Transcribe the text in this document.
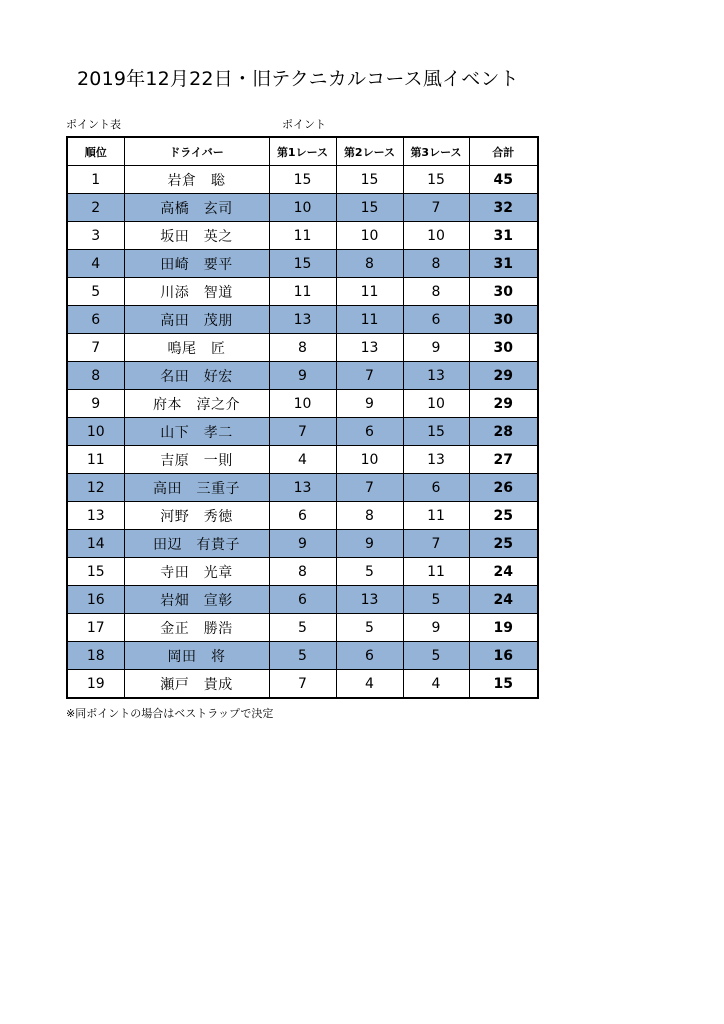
2019年12月22日・旧テクニカルコース風イベント
ポイント表	ポイント
順位	ドライバー	第1レース	第2レース	第3レース	合計
1	岩倉　聡	15	15	15	45
2	高橋　玄司	10	15	7	32
3	坂田　英之	11	10	10	31
4	田崎　要平	15	8	8	31
5	川添　智道	11	11	8	30
6	高田　茂朋	13	11	6	30
7	鳴尾　匠	8	13	9	30
8	名田　好宏	9	7	13	29
9	府本　淳之介	10	9	10	29
10	山下　孝二	7	6	15	28
11	吉原　一則	4	10	13	27
12	高田　三重子	13	7	6	26
13	河野　秀徳	6	8	11	25
14	田辺　有貴子	9	9	7	25
15	寺田　光章	8	5	11	24
16	岩畑　宣彰	6	13	5	24
17	金正　勝浩	5	5	9	19
18	岡田　将	5	6	5	16
19	瀬戸　貴成	7	4	4	15
※同ポイントの場合はベストラップで決定
